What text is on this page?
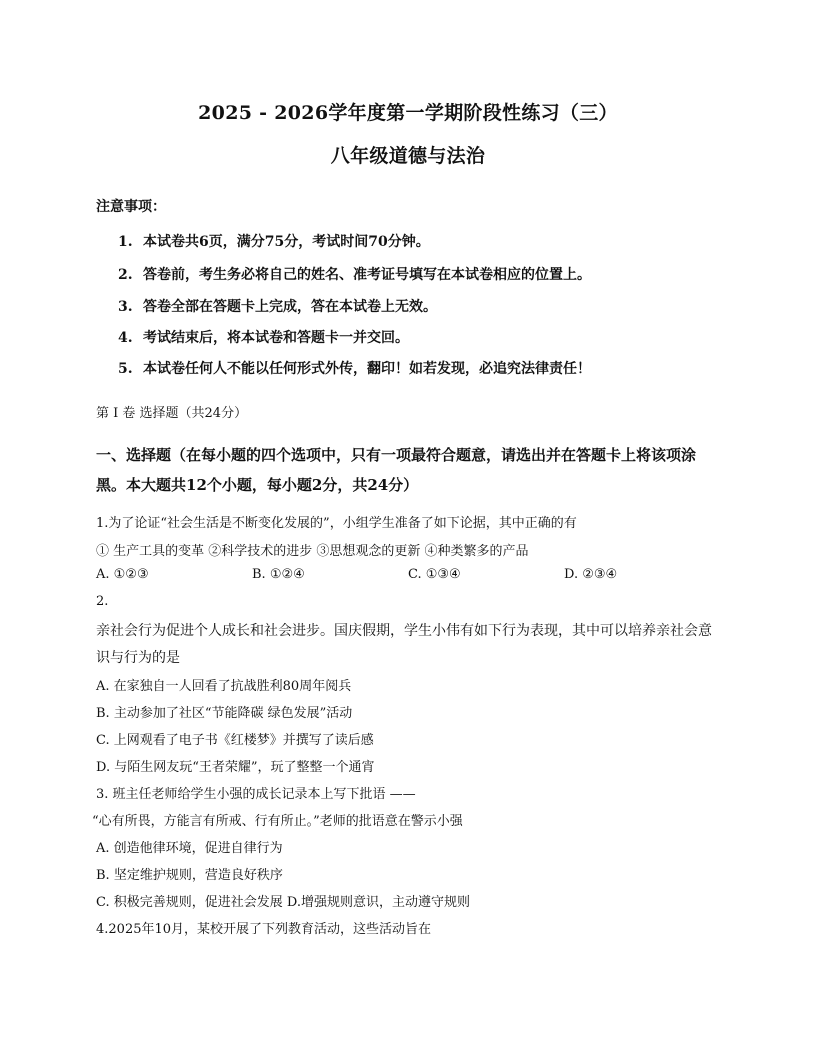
2025 - 2026学年度第一学期阶段性练习（三）
八年级道德与法治
注意事项：
1. 本试卷共6页，满分75分，考试时间70分钟。
2. 答卷前，考生务必将自己的姓名、准考证号填写在本试卷相应的位置上。
3. 答卷全部在答题卡上完成，答在本试卷上无效。
4. 考试结束后，将本试卷和答题卡一并交回。
5. 本试卷任何人不能以任何形式外传，翻印！如若发现，必追究法律责任！
第 I 卷 选择题（共24分）
一、选择题（在每小题的四个选项中，只有一项最符合题意，请选出并在答题卡上将该项涂黑。本大题共12个小题，每小题2分，共24分）
1.为了论证“社会生活是不断变化发展的”，小组学生准备了如下论据，其中正确的有
① 生产工具的变革 ②科学技术的进步 ③思想观念的更新 ④种类繁多的产品
A. ①②③	B. ①②④	C. ①③④	D. ②③④
2.
亲社会行为促进个人成长和社会进步。国庆假期，学生小伟有如下行为表现，其中可以培养亲社会意
识与行为的是
A. 在家独自一人回看了抗战胜利80周年阅兵
B. 主动参加了社区“节能降碳 绿色发展”活动
C. 上网观看了电子书《红楼梦》并撰写了读后感
D. 与陌生网友玩“王者荣耀”，玩了整整一个通宵
3. 班主任老师给学生小强的成长记录本上写下批语 ——
“心有所畏，方能言有所戒、行有所止。”老师的批语意在警示小强
A. 创造他律环境，促进自律行为
B. 坚定维护规则，营造良好秩序
C. 积极完善规则，促进社会发展 D.增强规则意识，主动遵守规则
4.2025年10月，某校开展了下列教育活动，这些活动旨在
